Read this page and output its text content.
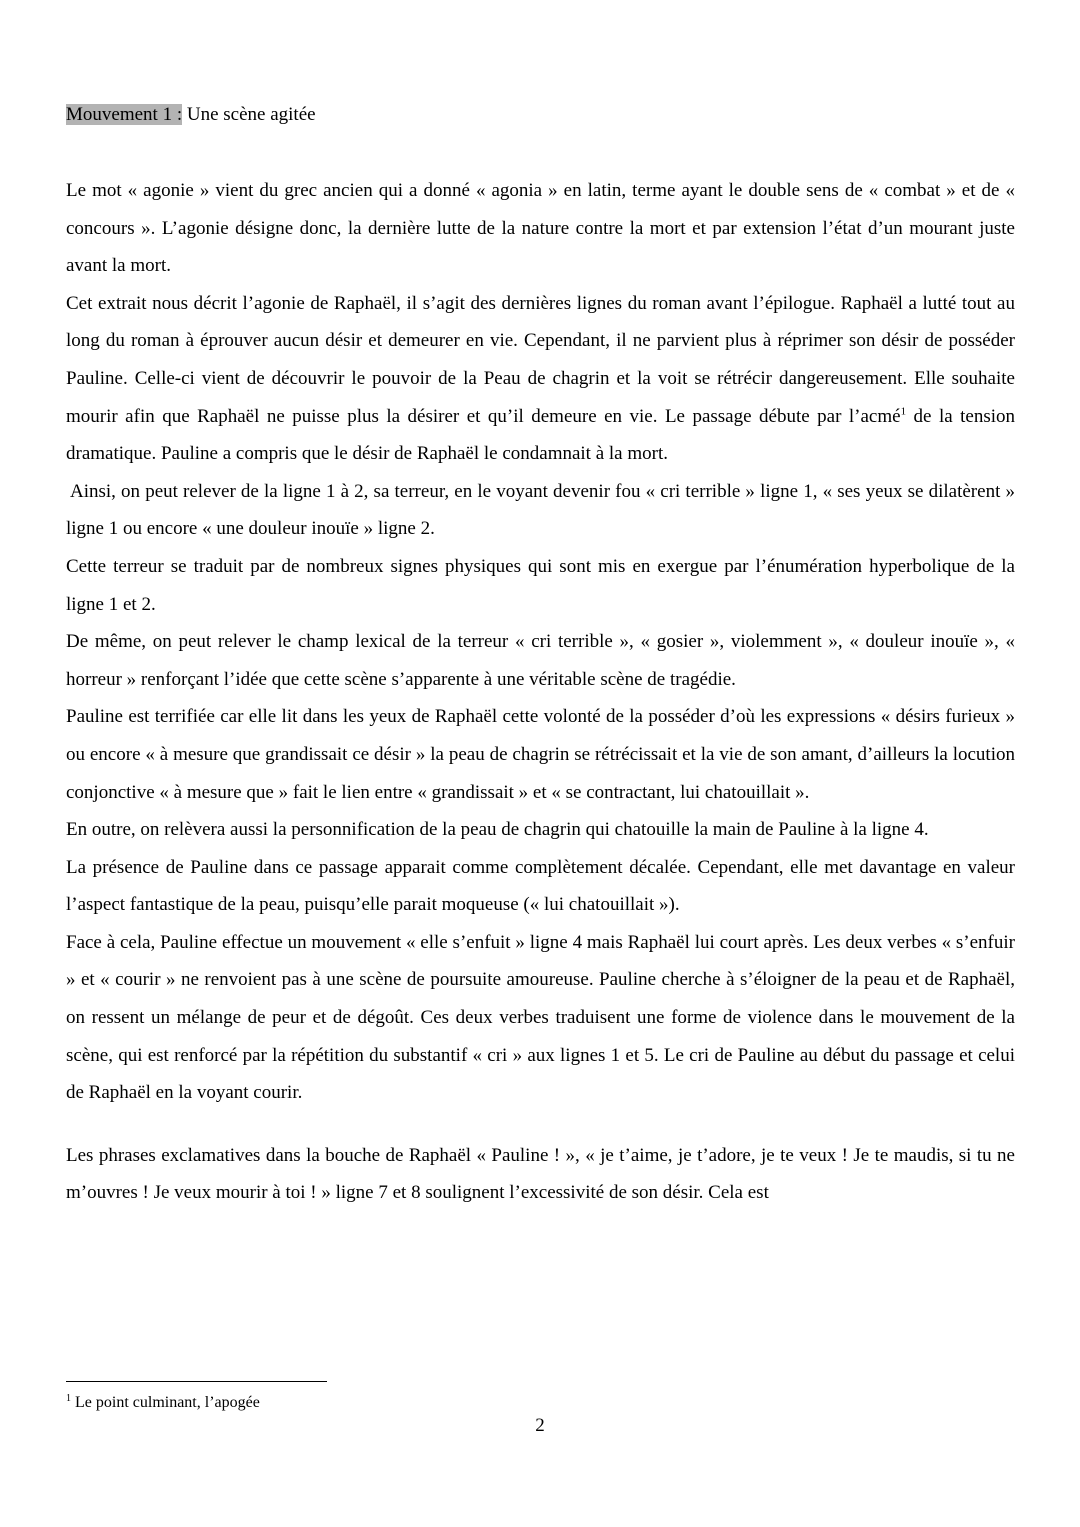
Mouvement 1 : Une scène agitée

Le mot « agonie » vient du grec ancien qui a donné « agonia » en latin, terme ayant le double sens de « combat » et de « concours ». L’agonie désigne donc, la dernière lutte de la nature contre la mort et par extension l’état d’un mourant juste avant la mort.

Cet extrait nous décrit l’agonie de Raphaël, il s’agit des dernières lignes du roman avant l’épilogue. Raphaël a lutté tout au long du roman à éprouver aucun désir et demeurer en vie. Cependant, il ne parvient plus à réprimer son désir de posséder Pauline. Celle-ci vient de découvrir le pouvoir de la Peau de chagrin et la voit se rétrécir dangereusement. Elle souhaite mourir afin que Raphaël ne puisse plus la désirer et qu’il demeure en vie. Le passage débute par l’acmé$^1$ de la tension dramatique. Pauline a compris que le désir de Raphaël le condamnait à la mort.

Ainsi, on peut relever de la ligne 1 à 2, sa terreur, en le voyant devenir fou « cri terrible » ligne 1, « ses yeux se dilatèrent » ligne 1 ou encore « une douleur inouïe » ligne 2.

Cette terreur se traduit par de nombreux signes physiques qui sont mis en exergue par l’énumération hyperbolique de la ligne 1 et 2.

De même, on peut relever le champ lexical de la terreur « cri terrible », « gosier », violemment », « douleur inouïe », « horreur » renforçant l’idée que cette scène s’apparente à une véritable scène de tragédie.

Pauline est terrifiée car elle lit dans les yeux de Raphaël cette volonté de la posséder d’où les expressions « désirs furieux » ou encore « à mesure que grandissait ce désir » la peau de chagrin se rétrécissait et la vie de son amant, d’ailleurs la locution conjonctive « à mesure que » fait le lien entre « grandissait » et « se contractant, lui chatouillait ».

En outre, on relèvera aussi la personnification de la peau de chagrin qui chatouille la main de Pauline à la ligne 4.

La présence de Pauline dans ce passage apparait comme complètement décalée. Cependant, elle met davantage en valeur l’aspect fantastique de la peau, puisqu’elle parait moqueuse (« lui chatouillait »).

Face à cela, Pauline effectue un mouvement « elle s’enfuit » ligne 4 mais Raphaël lui court après. Les deux verbes « s’enfuir » et « courir » ne renvoient pas à une scène de poursuite amoureuse. Pauline cherche à s’éloigner de la peau et de Raphaël, on ressent un mélange de peur et de dégoût. Ces deux verbes traduisent une forme de violence dans le mouvement de la scène, qui est renforcé par la répétition du substantif « cri » aux lignes 1 et 5. Le cri de Pauline au début du passage et celui de Raphaël en la voyant courir.

Les phrases exclamatives dans la bouche de Raphaël « Pauline ! », « je t’aime, je t’adore, je te veux ! Je te maudis, si tu ne m’ouvres ! Je veux mourir à toi ! » ligne 7 et 8 soulignent l’excessivité de son désir. Cela est

$^1$ Le point culminant, l’apogée
2
